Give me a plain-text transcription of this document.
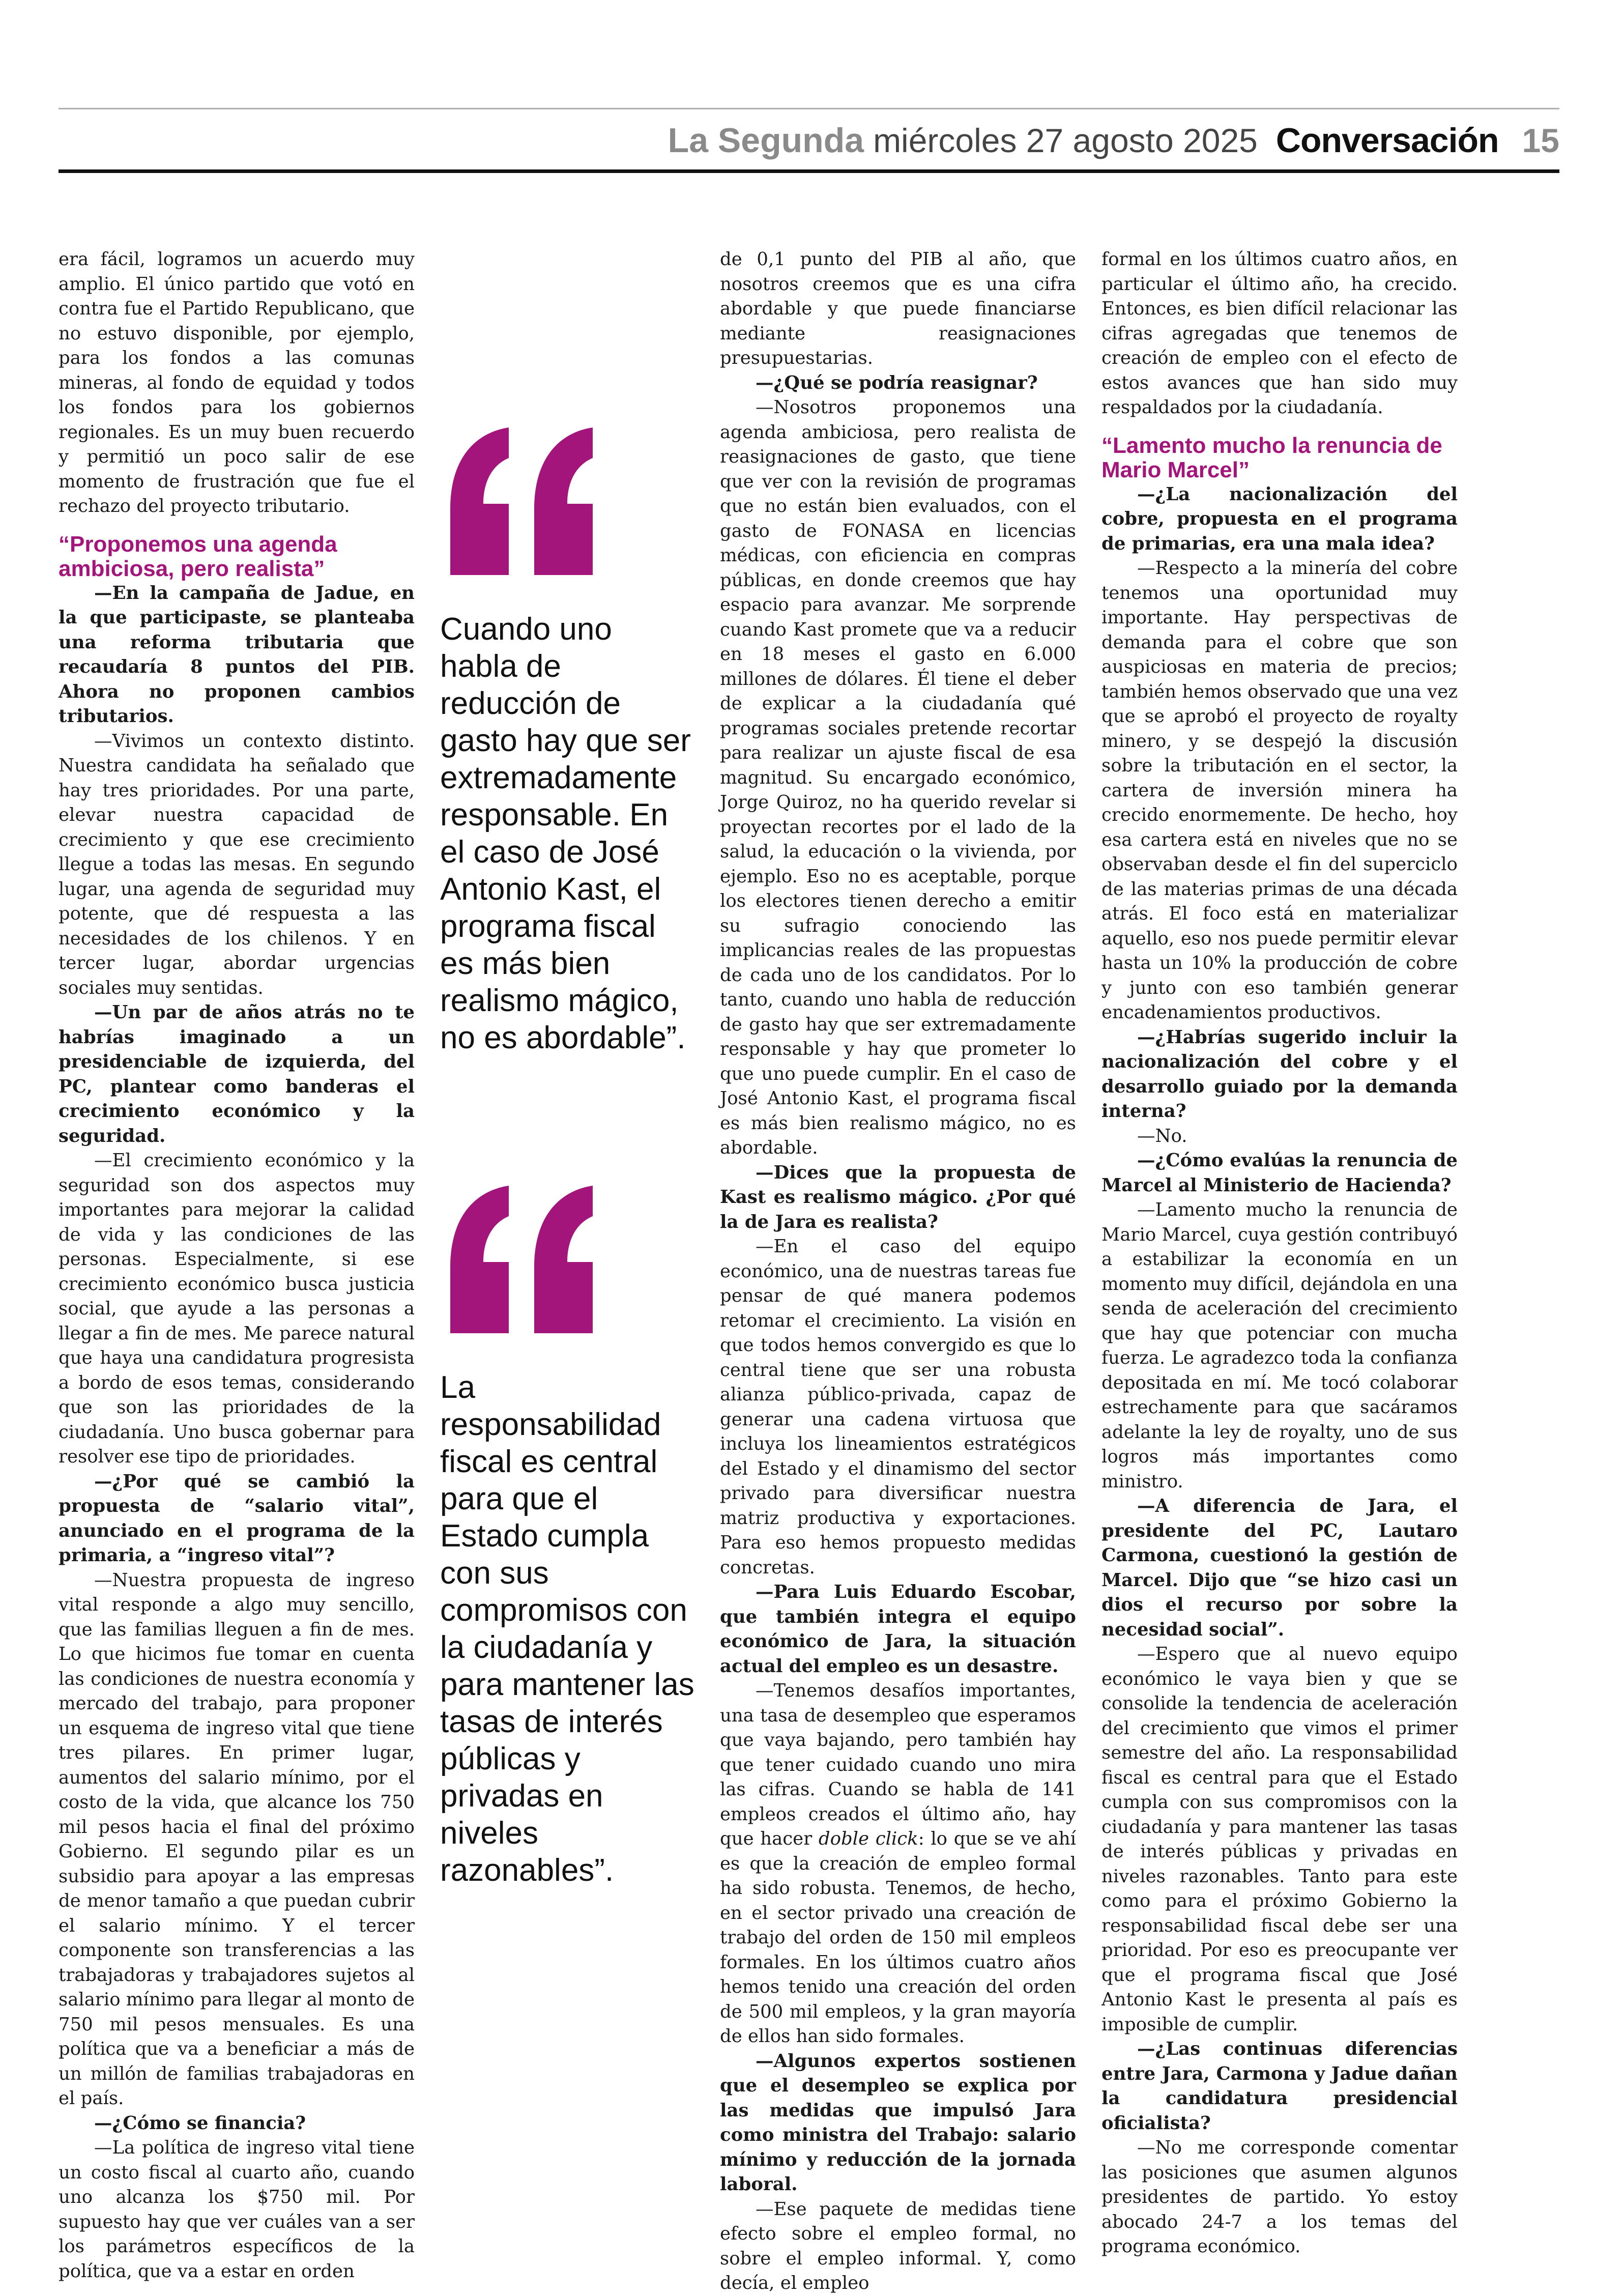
La Segunda miércoles 27 agosto 2025 Conversación 15

era fácil, logramos un acuerdo muy amplio. El único partido que votó en contra fue el Partido Republicano, que no estuvo disponible, por ejemplo, para los fondos a las comunas mineras, al fondo de equidad y todos los fondos para los gobiernos regionales. Es un muy buen recuerdo y permitió un poco salir de ese momento de frustración que fue el rechazo del proyecto tributario.

“Proponemos una agenda ambiciosa, pero realista”

—En la campaña de Jadue, en la que participaste, se planteaba una reforma tributaria que recaudaría 8 puntos del PIB. Ahora no proponen cambios tributarios.

—Vivimos un contexto distinto. Nuestra candidata ha señalado que hay tres prioridades. Por una parte, elevar nuestra capacidad de crecimiento y que ese crecimiento llegue a todas las mesas. En segundo lugar, una agenda de seguridad muy potente, que dé respuesta a las necesidades de los chilenos. Y en tercer lugar, abordar urgencias sociales muy sentidas.

—Un par de años atrás no te habrías imaginado a un presidenciable de izquierda, del PC, plantear como banderas el crecimiento económico y la seguridad.

—El crecimiento económico y la seguridad son dos aspectos muy importantes para mejorar la calidad de vida y las condiciones de las personas. Especialmente, si ese crecimiento económico busca justicia social, que ayude a las personas a llegar a fin de mes. Me parece natural que haya una candidatura progresista a bordo de esos temas, considerando que son las prioridades de la ciudadanía. Uno busca gobernar para resolver ese tipo de prioridades.

—¿Por qué se cambió la propuesta de “salario vital”, anunciado en el programa de la primaria, a “ingreso vital”?

—Nuestra propuesta de ingreso vital responde a algo muy sencillo, que las familias lleguen a fin de mes. Lo que hicimos fue tomar en cuenta las condiciones de nuestra economía y mercado del trabajo, para proponer un esquema de ingreso vital que tiene tres pilares. En primer lugar, aumentos del salario mínimo, por el costo de la vida, que alcance los 750 mil pesos hacia el final del próximo Gobierno. El segundo pilar es un subsidio para apoyar a las empresas de menor tamaño a que puedan cubrir el salario mínimo. Y el tercer componente son transferencias a las trabajadoras y trabajadores sujetos al salario mínimo para llegar al monto de 750 mil pesos mensuales. Es una política que va a beneficiar a más de un millón de familias trabajadoras en el país.

—¿Cómo se financia?

—La política de ingreso vital tiene un costo fiscal al cuarto año, cuando uno alcanza los $750 mil. Por supuesto hay que ver cuáles van a ser los parámetros específicos de la política, que va a estar en orden

Cuando uno habla de reducción de gasto hay que ser extremadamente responsable. En el caso de José Antonio Kast, el programa fiscal es más bien realismo mágico, no es abordable”.
La responsabilidad fiscal es central para que el Estado cumpla con sus compromisos con la ciudadanía y para mantener las tasas de interés públicas y privadas en niveles razonables”.

de 0,1 punto del PIB al año, que nosotros creemos que es una cifra abordable y que puede financiarse mediante reasignaciones presupuestarias.

—¿Qué se podría reasignar?

—Nosotros proponemos una agenda ambiciosa, pero realista de reasignaciones de gasto, que tiene que ver con la revisión de programas que no están bien evaluados, con el gasto de FONASA en licencias médicas, con eficiencia en compras públicas, en donde creemos que hay espacio para avanzar. Me sorprende cuando Kast promete que va a reducir en 18 meses el gasto en 6.000 millones de dólares. Él tiene el deber de explicar a la ciudadanía qué programas sociales pretende recortar para realizar un ajuste fiscal de esa magnitud. Su encargado económico, Jorge Quiroz, no ha querido revelar si proyectan recortes por el lado de la salud, la educación o la vivienda, por ejemplo. Eso no es aceptable, porque los electores tienen derecho a emitir su sufragio conociendo las implicancias reales de las propuestas de cada uno de los candidatos. Por lo tanto, cuando uno habla de reducción de gasto hay que ser extremadamente responsable y hay que prometer lo que uno puede cumplir. En el caso de José Antonio Kast, el programa fiscal es más bien realismo mágico, no es abordable.

—Dices que la propuesta de Kast es realismo mágico. ¿Por qué la de Jara es realista?

—En el caso del equipo económico, una de nuestras tareas fue pensar de qué manera podemos retomar el crecimiento. La visión en que todos hemos convergido es que lo central tiene que ser una robusta alianza público-privada, capaz de generar una cadena virtuosa que incluya los lineamientos estratégicos del Estado y el dinamismo del sector privado para diversificar nuestra matriz productiva y exportaciones. Para eso hemos propuesto medidas concretas.

—Para Luis Eduardo Escobar, que también integra el equipo económico de Jara, la situación actual del empleo es un desastre.

—Tenemos desafíos importantes, una tasa de desempleo que esperamos que vaya bajando, pero también hay que tener cuidado cuando uno mira las cifras. Cuando se habla de 141 empleos creados el último año, hay que hacer doble click: lo que se ve ahí es que la creación de empleo formal ha sido robusta. Tenemos, de hecho, en el sector privado una creación de trabajo del orden de 150 mil empleos formales. En los últimos cuatro años hemos tenido una creación del orden de 500 mil empleos, y la gran mayoría de ellos han sido formales.

—Algunos expertos sostienen que el desempleo se explica por las medidas que impulsó Jara como ministra del Trabajo: salario mínimo y reducción de la jornada laboral.

—Ese paquete de medidas tiene efecto sobre el empleo formal, no sobre el empleo informal. Y, como decía, el empleo

formal en los últimos cuatro años, en particular el último año, ha crecido. Entonces, es bien difícil relacionar las cifras agregadas que tenemos de creación de empleo con el efecto de estos avances que han sido muy respaldados por la ciudadanía.

“Lamento mucho la renuncia de Mario Marcel”

—¿La nacionalización del cobre, propuesta en el programa de primarias, era una mala idea?

—Respecto a la minería del cobre tenemos una oportunidad muy importante. Hay perspectivas de demanda para el cobre que son auspiciosas en materia de precios; también hemos observado que una vez que se aprobó el proyecto de royalty minero, y se despejó la discusión sobre la tributación en el sector, la cartera de inversión minera ha crecido enormemente. De hecho, hoy esa cartera está en niveles que no se observaban desde el fin del superciclo de las materias primas de una década atrás. El foco está en materializar aquello, eso nos puede permitir elevar hasta un 10% la producción de cobre y junto con eso también generar encadenamientos productivos.

—¿Habrías sugerido incluir la nacionalización del cobre y el desarrollo guiado por la demanda interna?

—No.

—¿Cómo evalúas la renuncia de Marcel al Ministerio de Hacienda?

—Lamento mucho la renuncia de Mario Marcel, cuya gestión contribuyó a estabilizar la economía en un momento muy difícil, dejándola en una senda de aceleración del crecimiento que hay que potenciar con mucha fuerza. Le agradezco toda la confianza depositada en mí. Me tocó colaborar estrechamente para que sacáramos adelante la ley de royalty, uno de sus logros más importantes como ministro.

—A diferencia de Jara, el presidente del PC, Lautaro Carmona, cuestionó la gestión de Marcel. Dijo que “se hizo casi un dios el recurso por sobre la necesidad social”.

—Espero que al nuevo equipo económico le vaya bien y que se consolide la tendencia de aceleración del crecimiento que vimos el primer semestre del año. La responsabilidad fiscal es central para que el Estado cumpla con sus compromisos con la ciudadanía y para mantener las tasas de interés públicas y privadas en niveles razonables. Tanto para este como para el próximo Gobierno la responsabilidad fiscal debe ser una prioridad. Por eso es preocupante ver que el programa fiscal que José Antonio Kast le presenta al país es imposible de cumplir.

—¿Las continuas diferencias entre Jara, Carmona y Jadue dañan la candidatura presidencial oficialista?

—No me corresponde comentar las posiciones que asumen algunos presidentes de partido. Yo estoy abocado 24-7 a los temas del programa económico.
